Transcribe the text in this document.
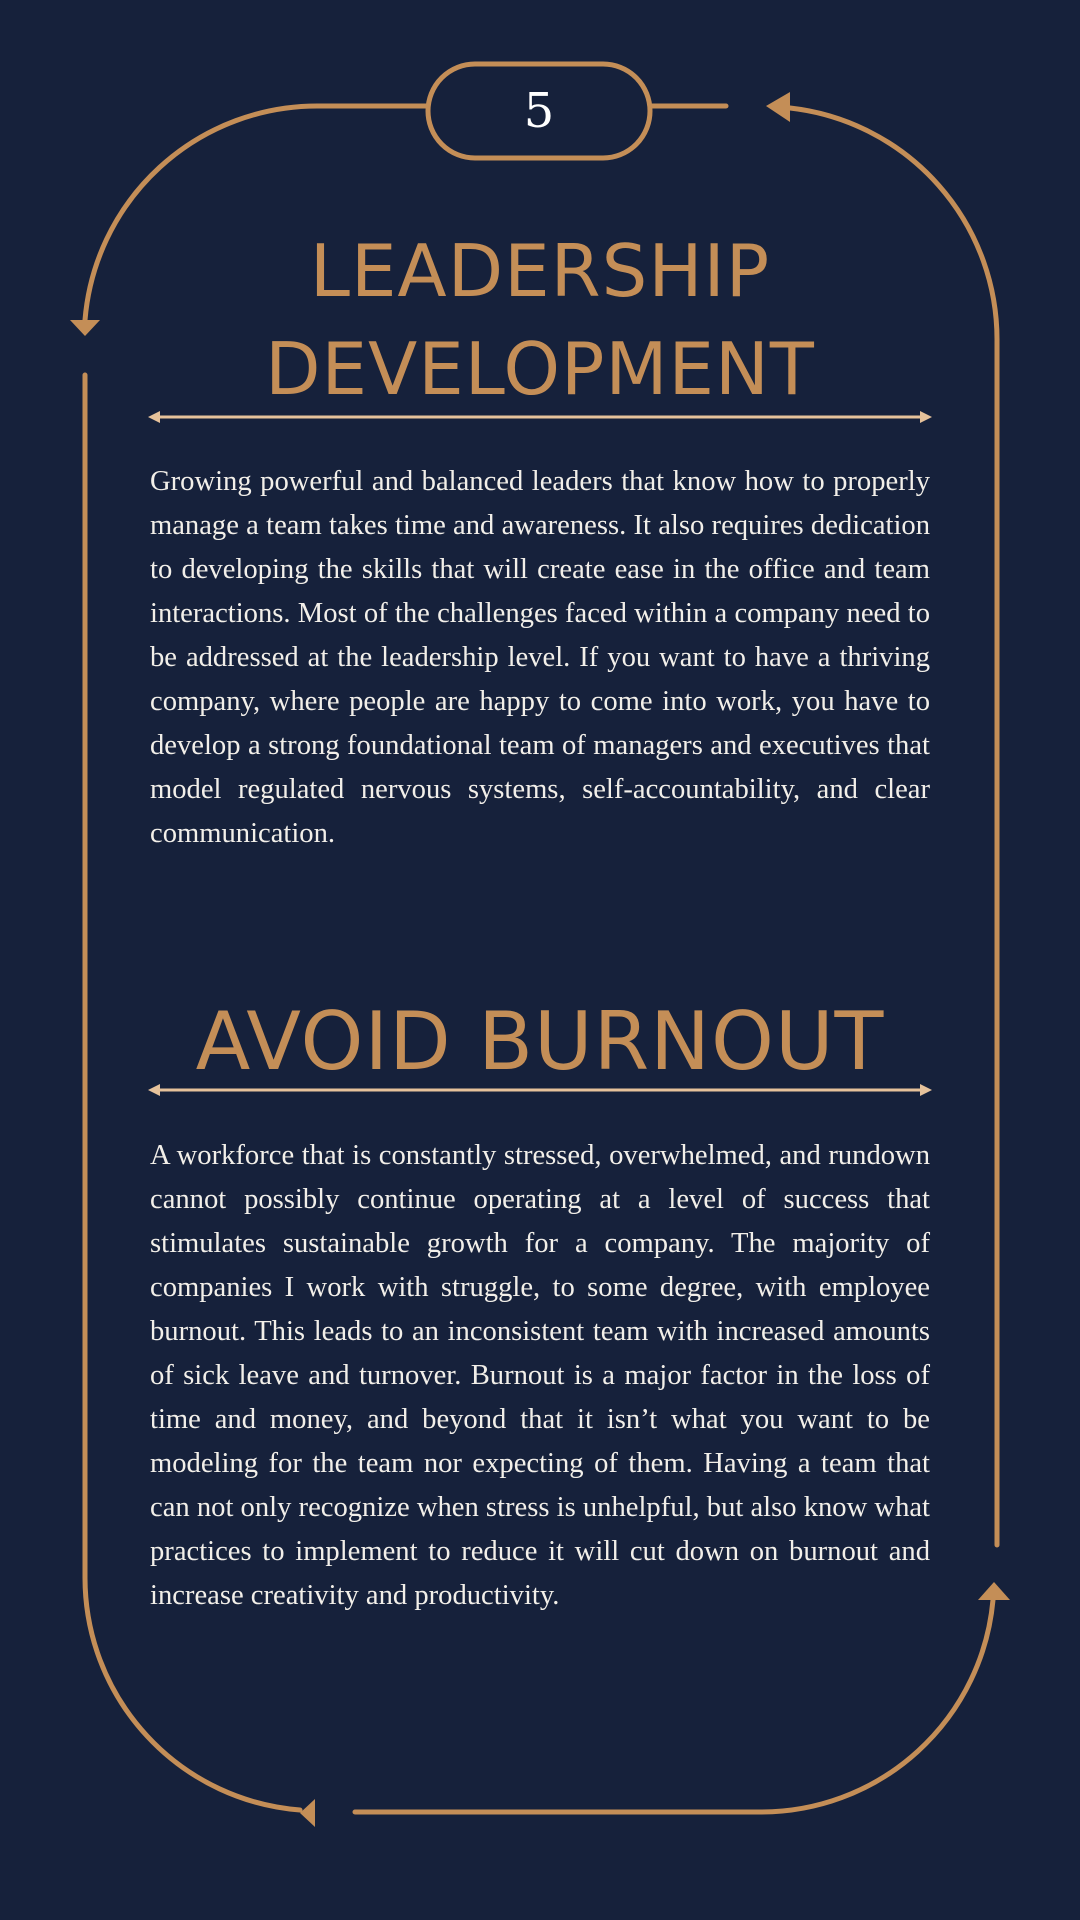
5
LEADERSHIP DEVELOPMENT

Growing powerful and balanced leaders that know how to properly manage a team takes time and awareness. It also requires dedication to developing the skills that will create ease in the office and team interactions. Most of the challenges faced within a company need to be addressed at the leadership level. If you want to have a thriving company, where people are happy to come into work, you have to develop a strong foundational team of managers and executives that model regulated nervous systems, self-accountability, and clear communication.

AVOID BURNOUT

A workforce that is constantly stressed, overwhelmed, and rundown cannot possibly continue operating at a level of success that stimulates sustainable growth for a company. The majority of companies I work with struggle, to some degree, with employee burnout. This leads to an inconsistent team with increased amounts of sick leave and turnover. Burnout is a major factor in the loss of time and money, and beyond that it isn’t what you want to be modeling for the team nor expecting of them. Having a team that can not only recognize when stress is unhelpful, but also know what practices to implement to reduce it will cut down on burnout and increase creativity and productivity.
